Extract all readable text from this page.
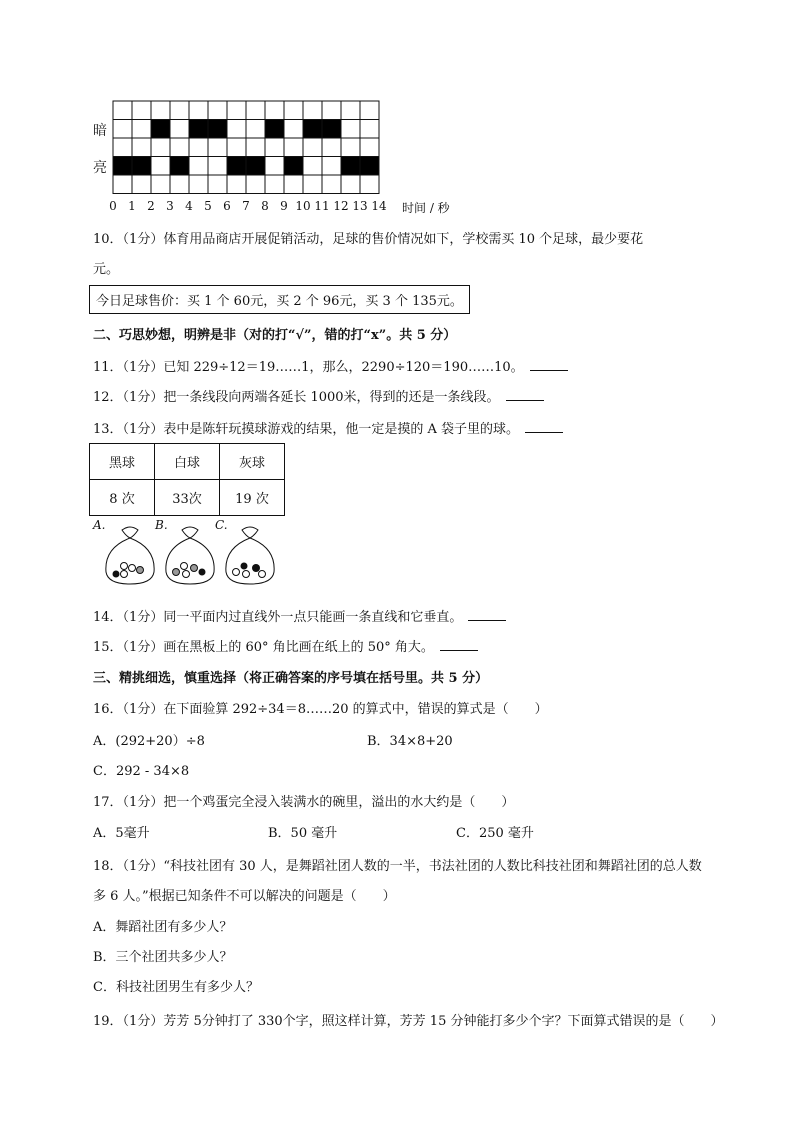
暗
亮
0 1 2 3 4 5 6 7 8 9 10 11 12 13 14 时间 / 秒
10．（1分）体育用品商店开展促销活动，足球的售价情况如下，学校需买 10 个足球，最少要花
元。
今日足球售价：买 1 个 60元，买 2 个 96元，买 3 个 135元。
二、巧思妙想，明辨是非（对的打“√”，错的打“x”。共 5 分）
11．（1分）已知 229÷12＝19……1，那么，2290÷120＝190……10。
12．（1分）把一条线段向两端各延长 1000米，得到的还是一条线段。
13．（1分）表中是陈轩玩摸球游戏的结果，他一定是摸的 A 袋子里的球。
黑球	白球	灰球
8 次	33次	19 次
A.	B.	C.
14．（1分）同一平面内过直线外一点只能画一条直线和它垂直。
15．（1分）画在黑板上的 60° 角比画在纸上的 50° 角大。
三、精挑细选，慎重选择（将正确答案的序号填在括号里。共 5 分）
16．（1分）在下面验算 292÷34＝8……20 的算式中，错误的算式是（　　）
A．(292+20）÷8	B．34×8+20
C．292 - 34×8
17．（1分）把一个鸡蛋完全浸入装满水的碗里，溢出的水大约是（　　）
A．5毫升	B．50 毫升	C．250 毫升
18．（1分）“科技社团有 30 人，是舞蹈社团人数的一半，书法社团的人数比科技社团和舞蹈社团的总人数
多 6 人。”根据已知条件不可以解决的问题是（　　）
A．舞蹈社团有多少人？
B．三个社团共多少人？
C．科技社团男生有多少人？
19．（1分）芳芳 5分钟打了 330个字，照这样计算，芳芳 15 分钟能打多少个字？下面算式错误的是（　　）
